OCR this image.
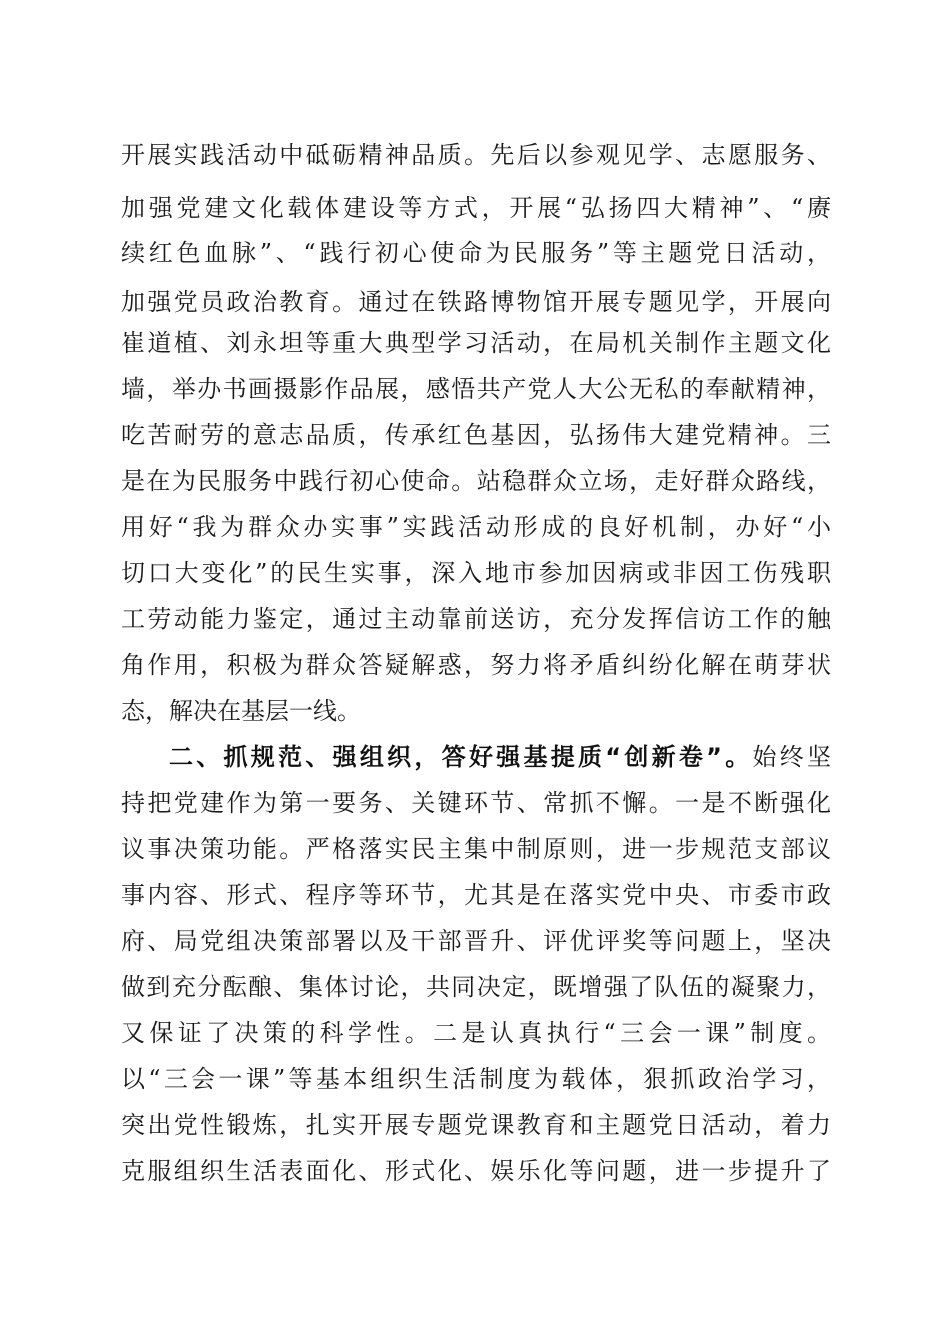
开展实践活动中砥砺精神品质。先后以参观见学、志愿服务、
加强党建文化载体建设等方式，开展“弘扬四大精神”、“赓
续红色血脉”、“践行初心使命为民服务”等主题党日活动，
加强党员政治教育。通过在铁路博物馆开展专题见学，开展向
崔道植、刘永坦等重大典型学习活动，在局机关制作主题文化
墙，举办书画摄影作品展，感悟共产党人大公无私的奉献精神，
吃苦耐劳的意志品质，传承红色基因，弘扬伟大建党精神。三
是在为民服务中践行初心使命。站稳群众立场，走好群众路线，
用好“我为群众办实事”实践活动形成的良好机制，办好“小
切口大变化”的民生实事，深入地市参加因病或非因工伤残职
工劳动能力鉴定，通过主动靠前送访，充分发挥信访工作的触
角作用，积极为群众答疑解惑，努力将矛盾纠纷化解在萌芽状
态，解决在基层一线。
二、抓规范、强组织，答好强基提质“创新卷”。始终坚
持把党建作为第一要务、关键环节、常抓不懈。一是不断强化
议事决策功能。严格落实民主集中制原则，进一步规范支部议
事内容、形式、程序等环节，尤其是在落实党中央、市委市政
府、局党组决策部署以及干部晋升、评优评奖等问题上，坚决
做到充分酝酿、集体讨论，共同决定，既增强了队伍的凝聚力，
又保证了决策的科学性。二是认真执行“三会一课”制度。
以“三会一课”等基本组织生活制度为载体，狠抓政治学习，
突出党性锻炼，扎实开展专题党课教育和主题党日活动，着力
克服组织生活表面化、形式化、娱乐化等问题，进一步提升了
